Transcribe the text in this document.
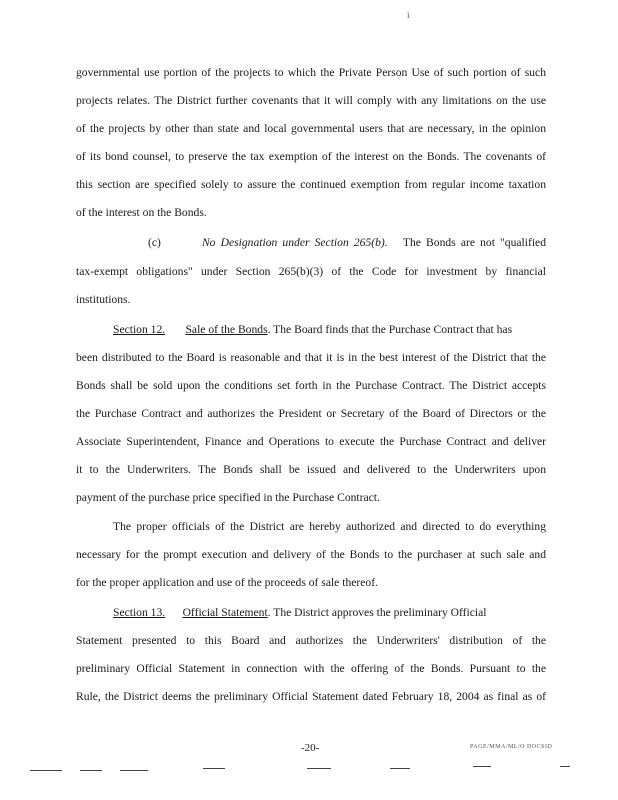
i
governmental use portion of the projects to which the Private Person Use of such portion of such
projects relates. The District further covenants that it will comply with any limitations on the use
of the projects by other than state and local governmental users that are necessary, in the opinion
of its bond counsel, to preserve the tax exemption of the interest on the Bonds. The covenants of
this section are specified solely to assure the continued exemption from regular income taxation
of the interest on the Bonds.
(c)	No Designation under Section 265(b). The Bonds are not "qualified
tax-exempt obligations" under Section 265(b)(3) of the Code for investment by financial
institutions.
Section 12. Sale of the Bonds. The Board finds that the Purchase Contract that has
been distributed to the Board is reasonable and that it is in the best interest of the District that the
Bonds shall be sold upon the conditions set forth in the Purchase Contract. The District accepts
the Purchase Contract and authorizes the President or Secretary of the Board of Directors or the
Associate Superintendent, Finance and Operations to execute the Purchase Contract and deliver
it to the Underwriters. The Bonds shall be issued and delivered to the Underwriters upon
payment of the purchase price specified in the Purchase Contract.
The proper officials of the District are hereby authorized and directed to do everything
necessary for the prompt execution and delivery of the Bonds to the purchaser at such sale and
for the proper application and use of the proceeds of sale thereof.
Section 13. Official Statement. The District approves the preliminary Official
Statement presented to this Board and authorizes the Underwriters' distribution of the
preliminary Official Statement in connection with the offering of the Bonds. Pursuant to the
Rule, the District deems the preliminary Official Statement dated February 18, 2004 as final as of
-20-	PAGE/MMA/ML/O DOCSID
